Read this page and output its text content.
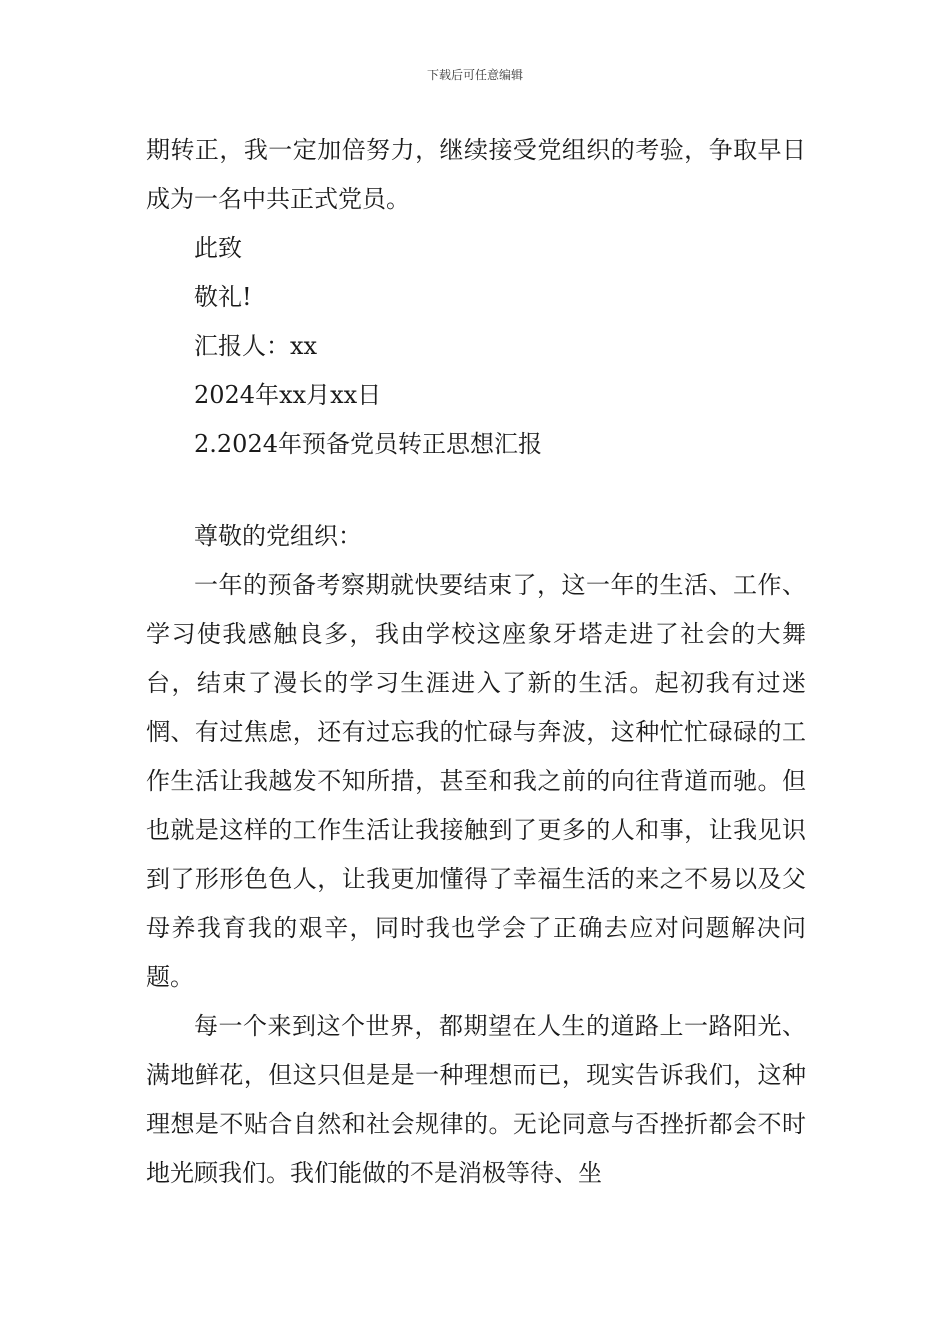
下载后可任意编辑

期转正，我一定加倍努力，继续接受党组织的考验，争取早日成为一名中共正式党员。

此致

敬礼!

汇报人：xx

2024年xx月xx日

2.2024年预备党员转正思想汇报

尊敬的党组织：

一年的预备考察期就快要结束了，这一年的生活、工作、学习使我感触良多，我由学校这座象牙塔走进了社会的大舞台，结束了漫长的学习生涯进入了新的生活。起初我有过迷惘、有过焦虑，还有过忘我的忙碌与奔波，这种忙忙碌碌的工作生活让我越发不知所措，甚至和我之前的向往背道而驰。但也就是这样的工作生活让我接触到了更多的人和事，让我见识到了形形色色人，让我更加懂得了幸福生活的来之不易以及父母养我育我的艰辛，同时我也学会了正确去应对问题解决问题。

每一个来到这个世界，都期望在人生的道路上一路阳光、满地鲜花，但这只但是是一种理想而已，现实告诉我们，这种理想是不贴合自然和社会规律的。无论同意与否挫折都会不时地光顾我们。我们能做的不是消极等待、坐
